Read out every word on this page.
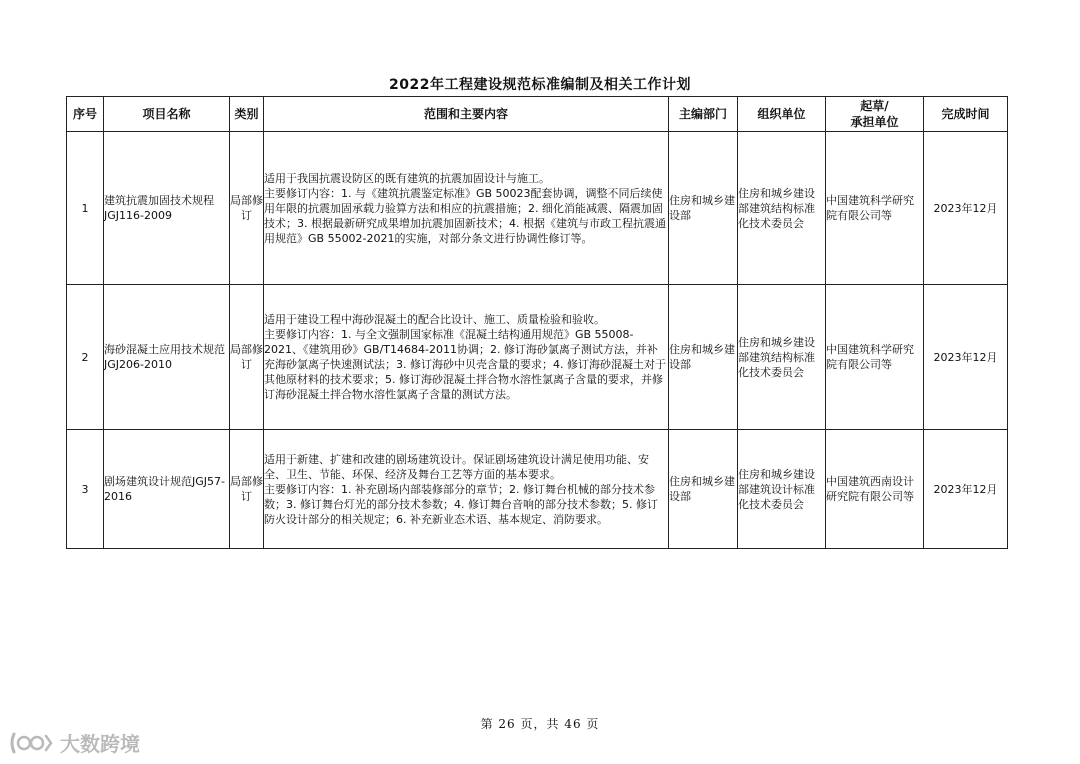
2022年工程建设规范标准编制及相关工作计划
序号	项目名称	类别	范围和主要内容	主编部门	组织单位	起草/
承担单位	完成时间
1	建筑抗震加固技术规程JGJ116-2009	局部修订	适用于我国抗震设防区的既有建筑的抗震加固设计与施工。
主要修订内容：1. 与《建筑抗震鉴定标准》GB 50023配套协调，调整不同后续使用年限的抗震加固承载力验算方法和相应的抗震措施；2. 细化消能减震、隔震加固技术；3. 根据最新研究成果增加抗震加固新技术；4. 根据《建筑与市政工程抗震通用规范》GB 55002-2021的实施，对部分条文进行协调性修订等。	住房和城乡建设部	住房和城乡建设部建筑结构标准化技术委员会	中国建筑科学研究院有限公司等	2023年12月
2	海砂混凝土应用技术规范JGJ206-2010	局部修订	适用于建设工程中海砂混凝土的配合比设计、施工、质量检验和验收。
主要修订内容：1. 与全文强制国家标准《混凝土结构通用规范》GB 55008-2021、《建筑用砂》GB/T14684-2011协调；2. 修订海砂氯离子测试方法，并补充海砂氯离子快速测试法；3. 修订海砂中贝壳含量的要求；4. 修订海砂混凝土对于其他原材料的技术要求；5. 修订海砂混凝土拌合物水溶性氯离子含量的要求，并修订海砂混凝土拌合物水溶性氯离子含量的测试方法。	住房和城乡建设部	住房和城乡建设部建筑结构标准化技术委员会	中国建筑科学研究院有限公司等	2023年12月
3	剧场建筑设计规范JGJ57-2016	局部修订	适用于新建、扩建和改建的剧场建筑设计。保证剧场建筑设计满足使用功能、安全、卫生、节能、环保、经济及舞台工艺等方面的基本要求。
主要修订内容：1. 补充剧场内部装修部分的章节；2. 修订舞台机械的部分技术参数；3. 修订舞台灯光的部分技术参数；4. 修订舞台音响的部分技术参数；5. 修订防火设计部分的相关规定；6. 补充新业态术语、基本规定、消防要求。	住房和城乡建设部	住房和城乡建设部建筑设计标准化技术委员会	中国建筑西南设计研究院有限公司等	2023年12月
第 26 页，共 46 页
大数跨境
